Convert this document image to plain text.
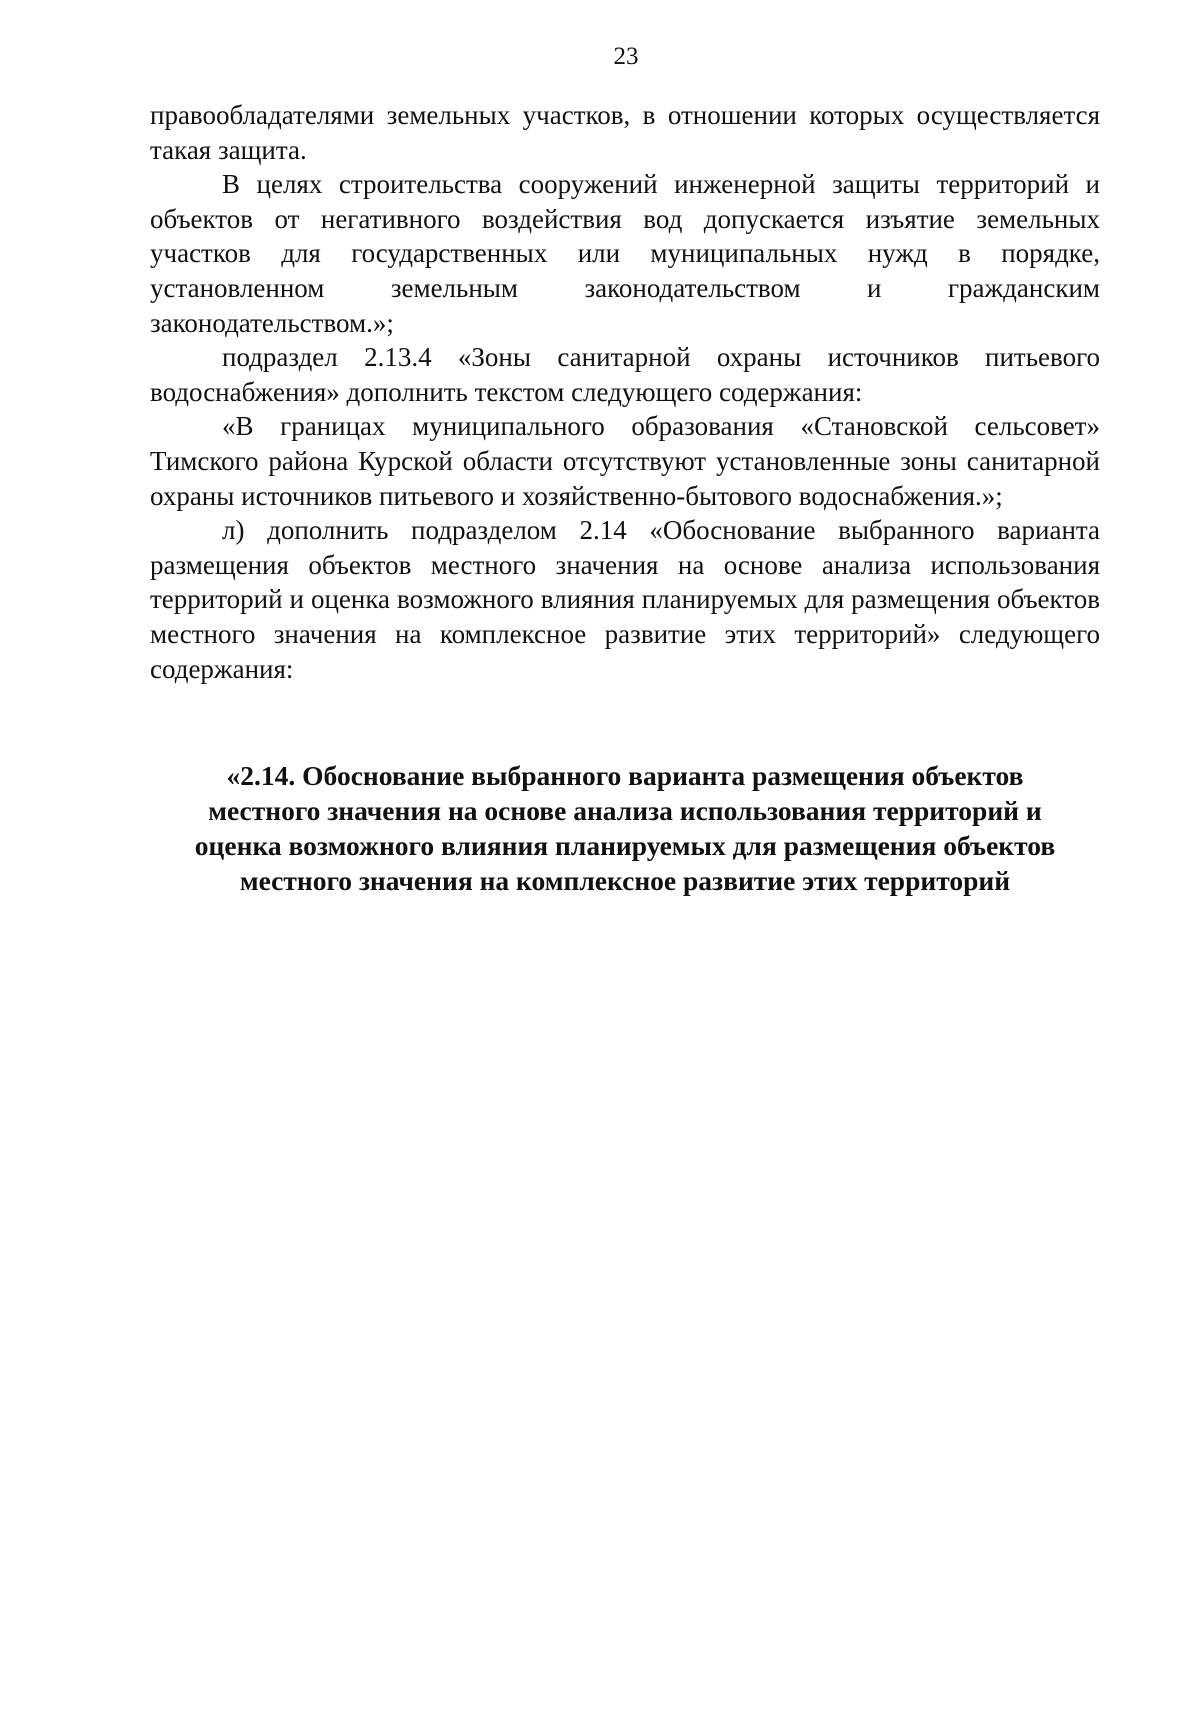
23

правообладателями земельных участков, в отношении которых осуществляется такая защита.

В целях строительства сооружений инженерной защиты территорий и объектов от негативного воздействия вод допускается изъятие земельных участков для государственных или муниципальных нужд в порядке, установленном земельным законодательством и гражданским законодательством.»;

подраздел 2.13.4 «Зоны санитарной охраны источников питьевого водоснабжения» дополнить текстом следующего содержания:

«В границах муниципального образования «Становской сельсовет» Тимского района Курской области отсутствуют установленные зоны санитарной охраны источников питьевого и хозяйственно-бытового водоснабжения.»;

л) дополнить подразделом 2.14 «Обоснование выбранного варианта размещения объектов местного значения на основе анализа использования территорий и оценка возможного влияния планируемых для размещения объектов местного значения на комплексное развитие этих территорий» следующего содержания:

«2.14. Обоснование выбранного варианта размещения объектов
местного значения на основе анализа использования территорий и
оценка возможного влияния планируемых для размещения объектов
местного значения на комплексное развитие этих территорий
